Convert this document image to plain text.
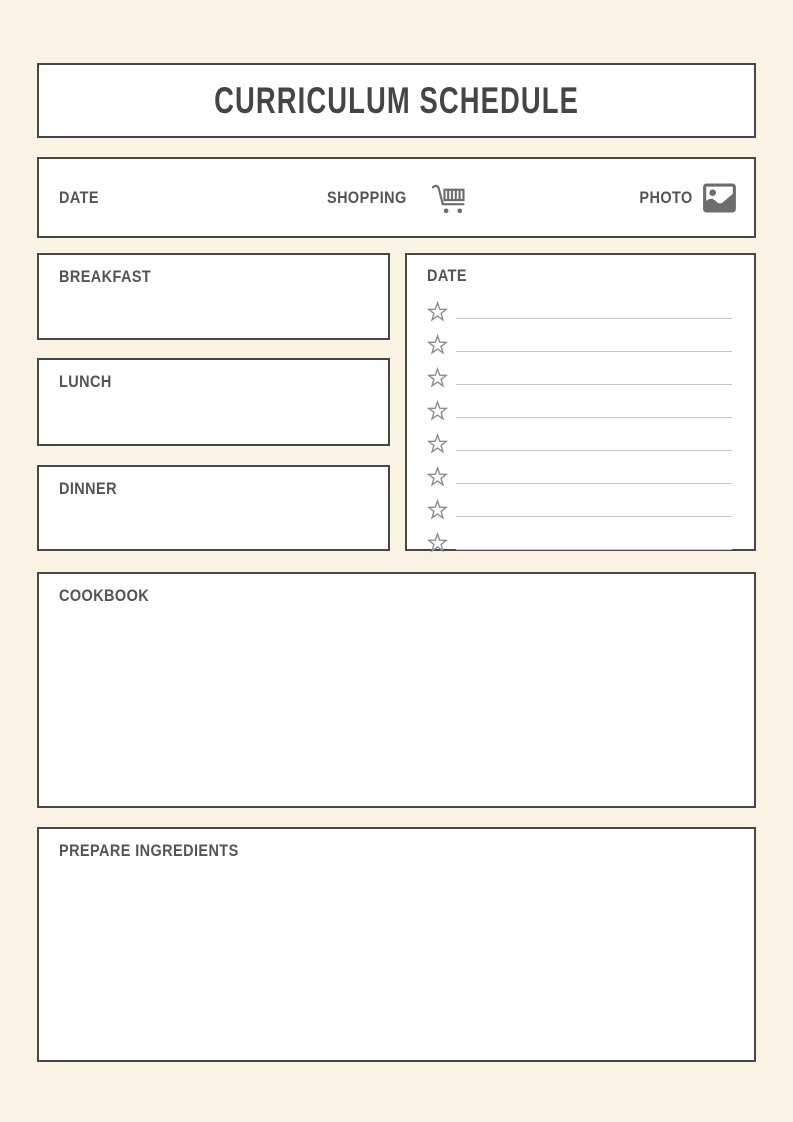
CURRICULUM SCHEDULE
DATE	SHOPPING	PHOTO
BREAKFAST
LUNCH
DINNER
DATE
COOKBOOK
PREPARE INGREDIENTS
